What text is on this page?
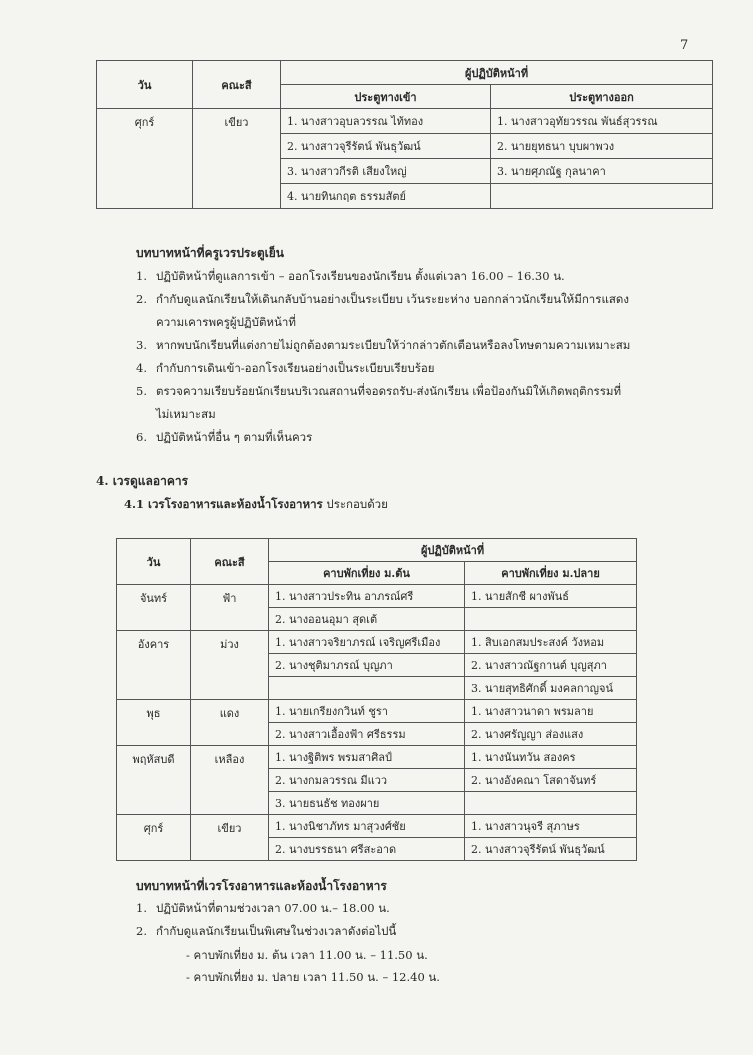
7
วัน	คณะสี	ผู้ปฏิบัติหน้าที่	
		ประตูทางเข้า	ประตูทางออก
ศุกร์	เขียว	1. นางสาวอุบลวรรณ ไท้ทอง	1. นางสาวอุทัยวรรณ พันธ์สุวรรณ
		2. นางสาวจุรีรัตน์ พันธุวัฒน์	2. นายยุทธนา บุบผาพวง
		3. นางสาวกีรติ เสียงใหญ่	3. นายศุภณัฐ กุลนาคา
		4. นายทินกฤต ธรรมสัตย์	
บทบาทหน้าที่ครูเวรประตูเย็น
1. ปฏิบัติหน้าที่ดูแลการเข้า – ออกโรงเรียนของนักเรียน ตั้งแต่เวลา 16.00 – 16.30 น.
2. กำกับดูแลนักเรียนให้เดินกลับบ้านอย่างเป็นระเบียบ เว้นระยะห่าง บอกกล่าวนักเรียนให้มีการแสดง
ความเคารพครูผู้ปฏิบัติหน้าที่
3. หากพบนักเรียนที่แต่งกายไม่ถูกต้องตามระเบียบให้ว่ากล่าวตักเตือนหรือลงโทษตามความเหมาะสม
4. กำกับการเดินเข้า-ออกโรงเรียนอย่างเป็นระเบียบเรียบร้อย
5. ตรวจความเรียบร้อยนักเรียนบริเวณสถานที่จอดรถรับ-ส่งนักเรียน เพื่อป้องกันมิให้เกิดพฤติกรรมที่
ไม่เหมาะสม
6. ปฏิบัติหน้าที่อื่น ๆ ตามที่เห็นควร
4. เวรดูแลอาคาร
4.1 เวรโรงอาหารและห้องน้ำโรงอาหาร ประกอบด้วย
วัน	คณะสี	ผู้ปฏิบัติหน้าที่	
		คาบพักเที่ยง ม.ต้น	คาบพักเที่ยง ม.ปลาย
จันทร์	ฟ้า	1. นางสาวประทิน อาภรณ์ศรี	1. นายสักชี ผางพันธ์
		2. นางออนอุมา สุดเต้	
อังคาร	ม่วง	1. นางสาวจริยาภรณ์ เจริญศรีเมือง	1. สิบเอกสมประสงค์ วังหอม
		2. นางชุติมาภรณ์ บุญภา	2. นางสาวณัฐกานต์ บุญสุภา
			3. นายสุทธิศักดิ์ มงคลกาญจน์
พุธ	แดง	1. นายเกรียงกวินท์ ชูรา	1. นางสาวนาดา พรมลาย
		2. นางสาวเอื้องฟ้า ศรีธรรม	2. นางศรัญญา ส่องแสง
พฤหัสบดี	เหลือง	1. นางฐิติพร พรมสาศิลป์	1. นางนันทวัน สองคร
		2. นางกมลวรรณ มีแวว	2. นางอังคณา โสดาจันทร์
		3. นายธนธัช ทองผาย	
ศุกร์	เขียว	1. นางนิชาภัทร มาสุวงศ์ชัย	1. นางสาวนุจรี สุภาษร
		2. นางบรรธนา ศรีสะอาด	2. นางสาวจุรีรัตน์ พันธุวัฒน์
บทบาทหน้าที่เวรโรงอาหารและห้องน้ำโรงอาหาร
1. ปฏิบัติหน้าที่ตามช่วงเวลา 07.00 น.– 18.00 น.
2. กำกับดูแลนักเรียนเป็นพิเศษในช่วงเวลาดังต่อไปนี้
- คาบพักเที่ยง ม. ต้น เวลา 11.00 น. – 11.50 น.
- คาบพักเที่ยง ม. ปลาย เวลา 11.50 น. – 12.40 น.
